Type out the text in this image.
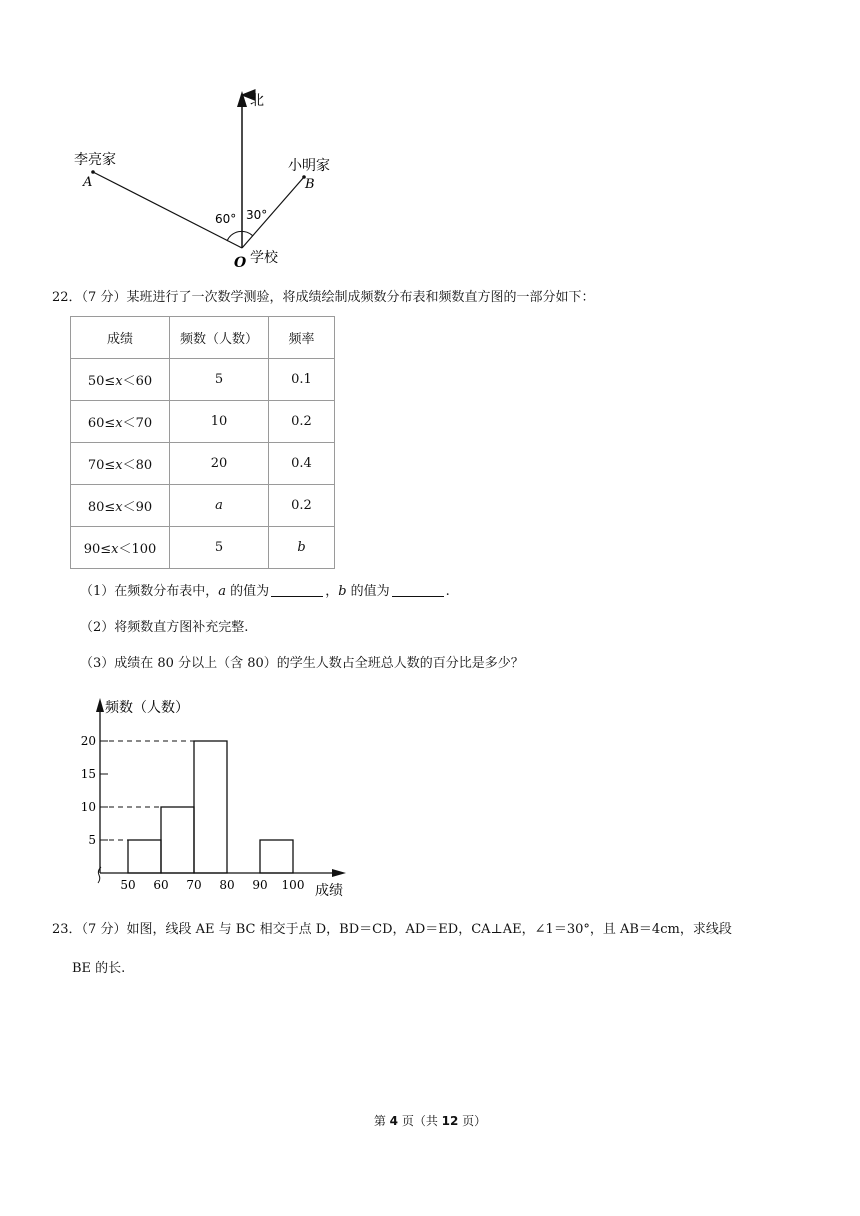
北
李亮家
A
小明家
B
60° 30°
O 学校
22．（7 分）某班进行了一次数学测验，将成绩绘制成频数分布表和频数直方图的一部分如下：
成绩	频数（人数）	频率
50≤x＜60	5	0.1
60≤x＜70	10	0.2
70≤x＜80	20	0.4
80≤x＜90	a	0.2
90≤x＜100	5	b
（1）在频数分布表中，a 的值为	，b 的值为	.
（2）将频数直方图补充完整.
（3）成绩在 80 分以上（含 80）的学生人数占全班总人数的百分比是多少？
频数（人数）
成绩
5
10
15
20
50 60 70 80 90 100
23．（7 分）如图，线段 AE 与 BC 相交于点 D，BD＝CD，AD＝ED，CA⊥AE，∠1＝30°，且 AB＝4cm，求线段
BE 的长.
第 4 页（共 12 页）
